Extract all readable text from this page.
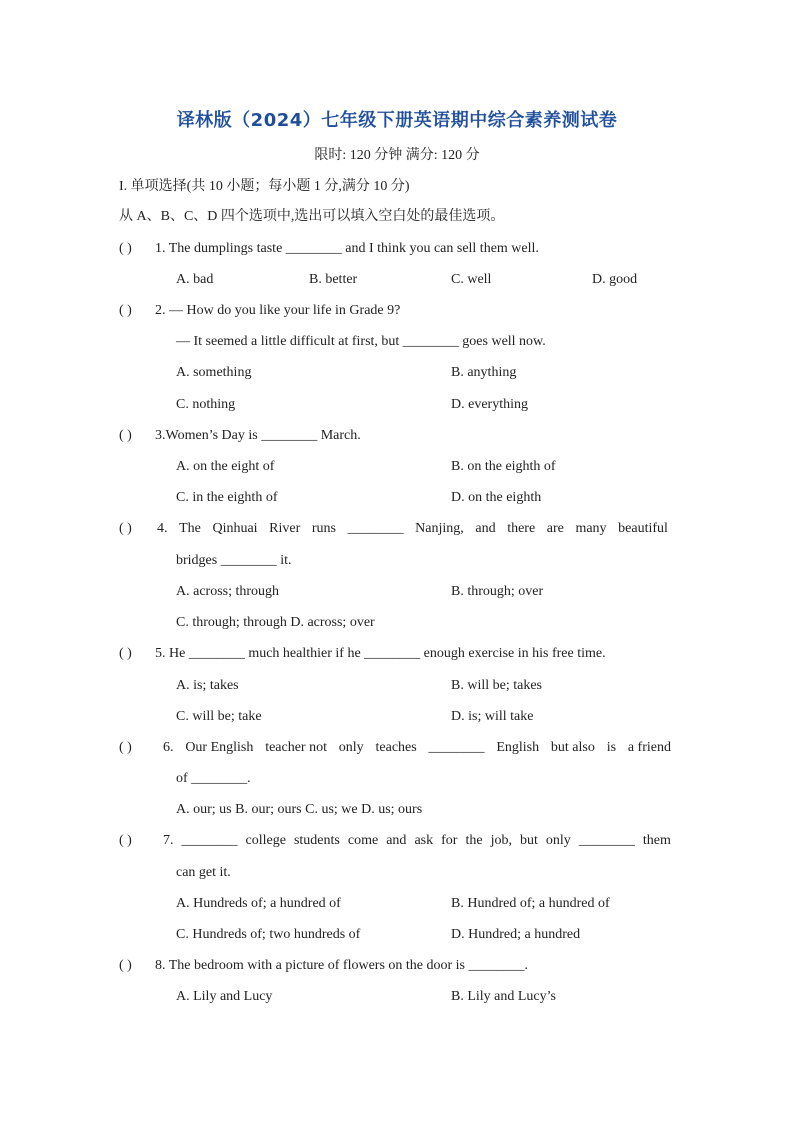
译林版（2024）七年级下册英语期中综合素养测试卷
限时: 120 分钟 满分: 120 分
I. 单项选择(共 10 小题；每小题 1 分,满分 10 分)
从 A、B、C、D 四个选项中,选出可以填入空白处的最佳选项。
( ) 1. The dumplings taste ________ and I think you can sell them well.
A. bad	B. better	C. well	D. good
( ) 2. — How do you like your life in Grade 9?
— It seemed a little difficult at first, but ________ goes well now.
A. something	B. anything
C. nothing	D. everything
( ) 3.Women’s Day is ________ March.
A. on the eight of	B. on the eighth of
C. in the eighth of	D. on the eighth
( )	4. The Qinhuai River runs ________ Nanjing, and there are many beautiful
bridges ________ it.
A. across; through	B. through; over
C. through; through D. across; over
( ) 5. He ________ much healthier if he ________ enough exercise in his free time.
A. is; takes	B. will be; takes
C. will be; take	D. is; will take
( )	6. Our English teacher not only teaches ________ English but also is a friend
of ________.
A. our; us B. our; ours C. us; we D. us; ours
( )	7. ________ college students come and ask for the job, but only ________ them
can get it.
A. Hundreds of; a hundred of	B. Hundred of; a hundred of
C. Hundreds of; two hundreds of	D. Hundred; a hundred
( ) 8. The bedroom with a picture of flowers on the door is ________.
A. Lily and Lucy	B. Lily and Lucy’s
